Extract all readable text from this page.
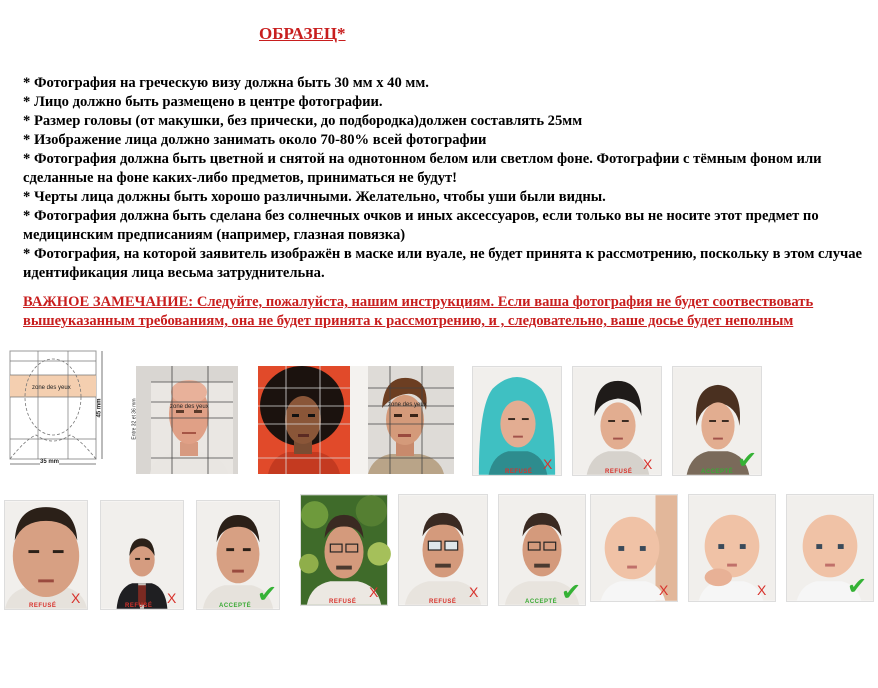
ОБРАЗЕЦ*

* Фотография на греческую визу должна быть 30 мм х 40 мм.

* Лицо должно быть размещено в центре фотографии.

* Размер головы (от макушки, без прически, до подбородка)должен составлять 25мм

* Изображение лица должно занимать около 70-80% всей фотографии

* Фотография должна быть цветной и снятой на однотонном белом или светлом фоне. Фотографии с тёмным фоном или сделанные на фоне каких-либо предметов, приниматься не будут!

* Черты лица должны быть хорошо различными. Желательно, чтобы уши были видны.

* Фотография должна быть сделана без солнечных очков и иных аксессуаров, если только вы не носите этот предмет по медицинским предписаниям (например, глазная повязка)

* Фотография, на которой заявитель изображён в маске или вуале, не будет принята к рассмотрению, поскольку в этом случае идентификация лица весьма затруднительна.

ВАЖНОЕ ЗАМЕЧАНИЕ: Следуйте, пожалуйста, нашим инструкциям. Если ваша фотография не будет соотвествовать вышеуказанным требованиям, она не будет принята к рассмотрению, и , следовательно, ваше досье будет неполным
zone des yeux
45 mm
35 mm
zone des yeux
Entre 32 et 36 mm	zone des yeux
X
REFUSÉ	X
REFUSÉ	✔
ACCEPTÉ
X
REFUSÉ	X
REFUSÉ	✔
ACCEPTÉ
X
REFUSÉ
X
REFUSÉ	✔
ACCEPTÉ
X	X	✔
